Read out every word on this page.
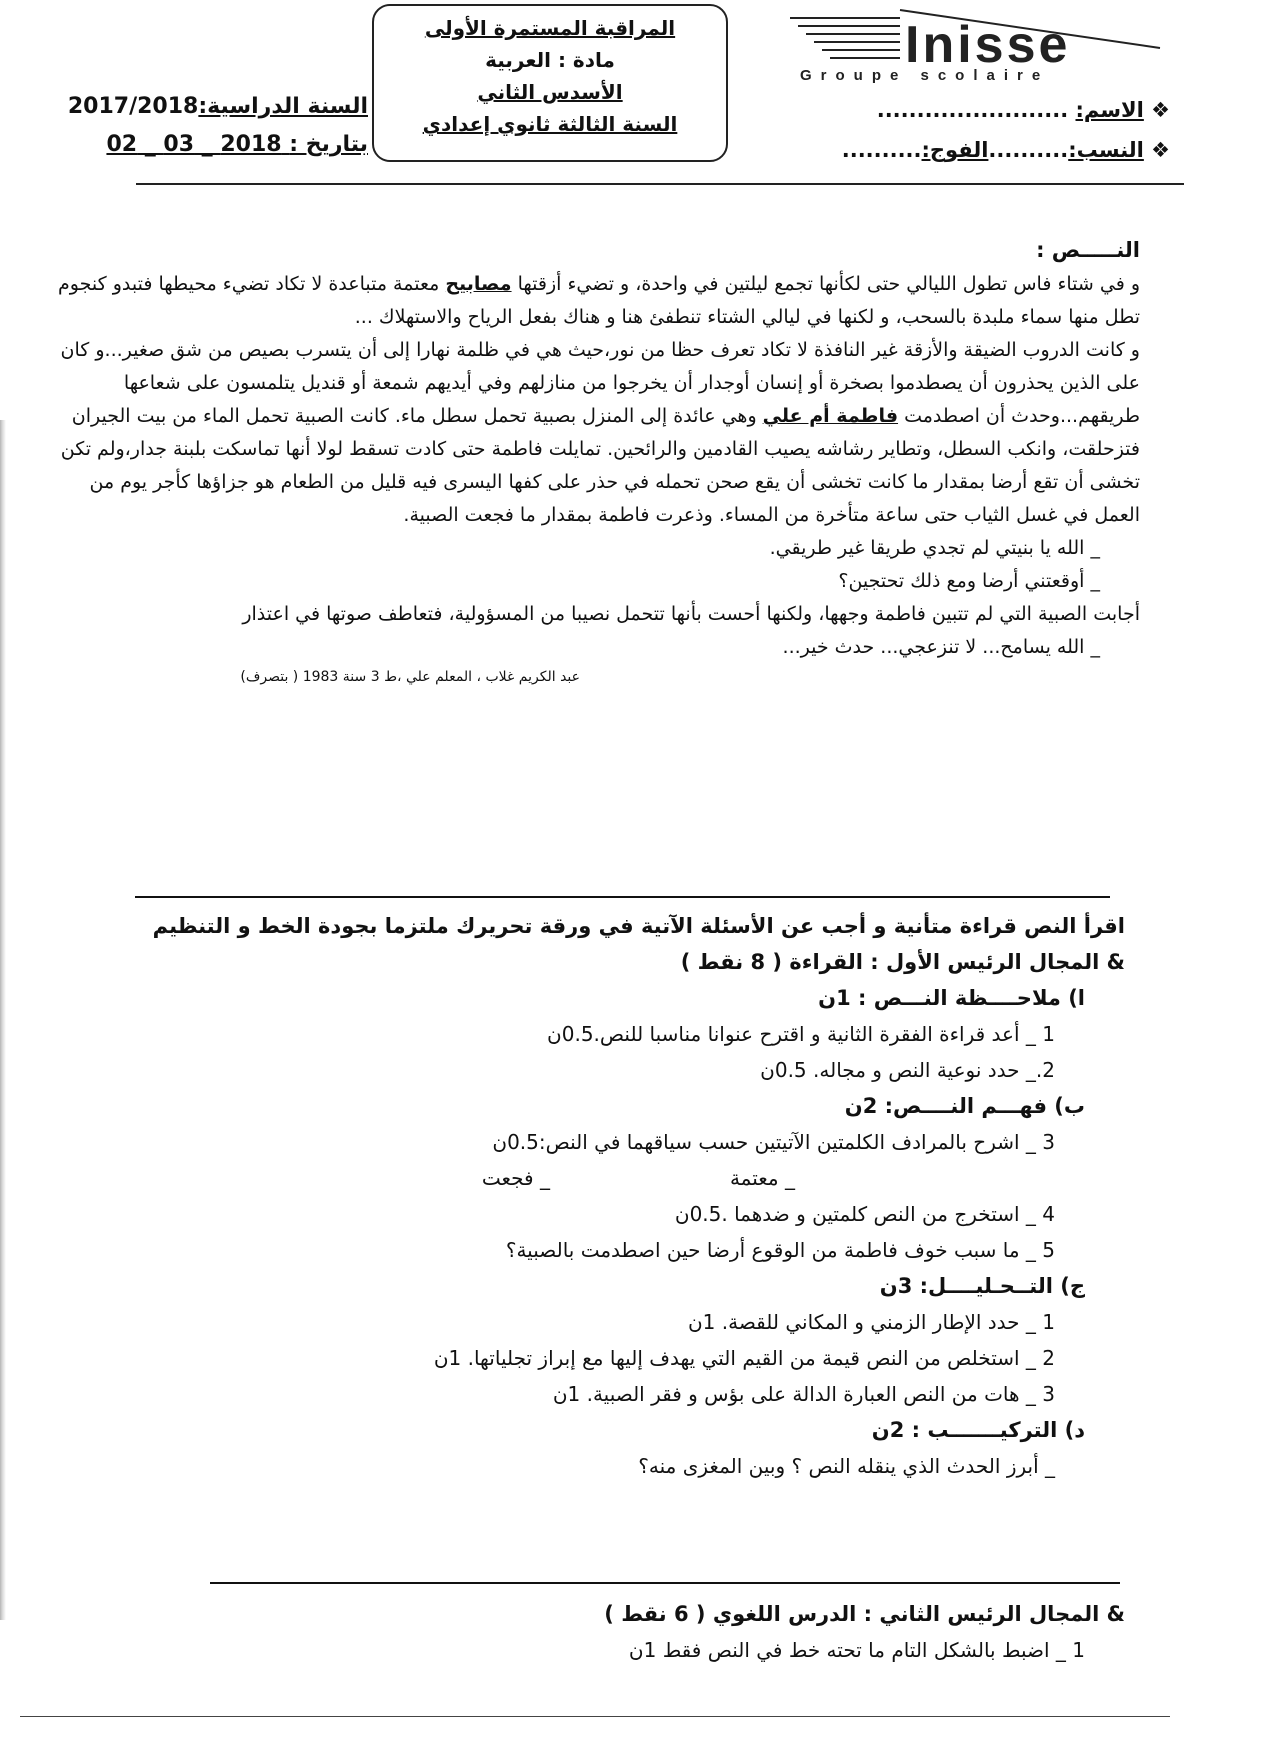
Inisse
Groupe scolaire
المراقبة المستمرة الأولى
مادة : العربية
الأسدس الثاني
السنة الثالثة ثانوي إعدادي
السنة الدراسية:2017/2018
بتاريخ : 2018 _ 03 _ 02
❖ الاسم: ........................
❖ النسب:..........الفوج:..........
النـــــص :
و في شتاء فاس تطول الليالي حتى لكأنها تجمع ليلتين في واحدة، و تضيء أزقتها مصابيح معتمة متباعدة لا تكاد تضيء محيطها فتبدو كنجوم تطل منها سماء ملبدة بالسحب، و لكنها في ليالي الشتاء تنطفئ هنا و هناك بفعل الرياح والاستهلاك ...
و كانت الدروب الضيقة والأزقة غير النافذة لا تكاد تعرف حظا من نور،حيث هي في ظلمة نهارا إلى أن يتسرب بصيص من شق صغير...و كان على الذين يحذرون أن يصطدموا بصخرة أو إنسان أوجدار أن يخرجوا من منازلهم وفي أيديهم شمعة أو قنديل يتلمسون على شعاعها طريقهم...وحدث أن اصطدمت فاطمة أم علي وهي عائدة إلى المنزل بصبية تحمل سطل ماء. كانت الصبية تحمل الماء من بيت الجيران فتزحلقت، وانكب السطل، وتطاير رشاشه يصيب القادمين والرائحين. تمايلت فاطمة حتى كادت تسقط لولا أنها تماسكت بلبنة جدار،ولم تكن تخشى أن تقع أرضا بمقدار ما كانت تخشى أن يقع صحن تحمله في حذر على كفها اليسرى فيه قليل من الطعام هو جزاؤها كأجر يوم من العمل في غسل الثياب حتى ساعة متأخرة من المساء. وذعرت فاطمة بمقدار ما فجعت الصبية.
_ الله يا بنيتي لم تجدي طريقا غير طريقي.
_ أوقعتني أرضا ومع ذلك تحتجين؟
أجابت الصبية التي لم تتبين فاطمة وجهها، ولكنها أحست بأنها تتحمل نصيبا من المسؤولية، فتعاطف صوتها في اعتذار
_ الله يسامح... لا تنزعجي... حدث خير...
عبد الكريم غلاب ، المعلم علي ،ط 3 سنة 1983 ( بتصرف)
اقرأ النص قراءة متأنية و أجب عن الأسئلة الآتية في ورقة تحريرك ملتزما بجودة الخط و التنظيم
& المجال الرئيس الأول : القراءة ( 8 نقط )
ا) ملاحــــظة النـــص : 1ن
1 _ أعد قراءة الفقرة الثانية و اقترح عنوانا مناسبا للنص.0.5ن
2._ حدد نوعية النص و مجاله. 0.5ن
ب) فهـــم النــــص: 2ن
3 _ اشرح بالمرادف الكلمتين الآتيتين حسب سياقهما في النص:0.5ن
_ معتمة_ فجعت
4 _ استخرج من النص كلمتين و ضدهما .0.5ن
5 _ ما سبب خوف فاطمة من الوقوع أرضا حين اصطدمت بالصبية؟
ج) التــحـليــــل: 3ن
1 _ حدد الإطار الزمني و المكاني للقصة. 1ن
2 _ استخلص من النص قيمة من القيم التي يهدف إليها مع إبراز تجلياتها. 1ن
3 _ هات من النص العبارة الدالة على بؤس و فقر الصبية. 1ن
د) التركيـــــــب : 2ن
_ أبرز الحدث الذي ينقله النص ؟ وبين المغزى منه؟
& المجال الرئيس الثاني : الدرس اللغوي ( 6 نقط )
1 _ اضبط بالشكل التام ما تحته خط في النص فقط 1ن
